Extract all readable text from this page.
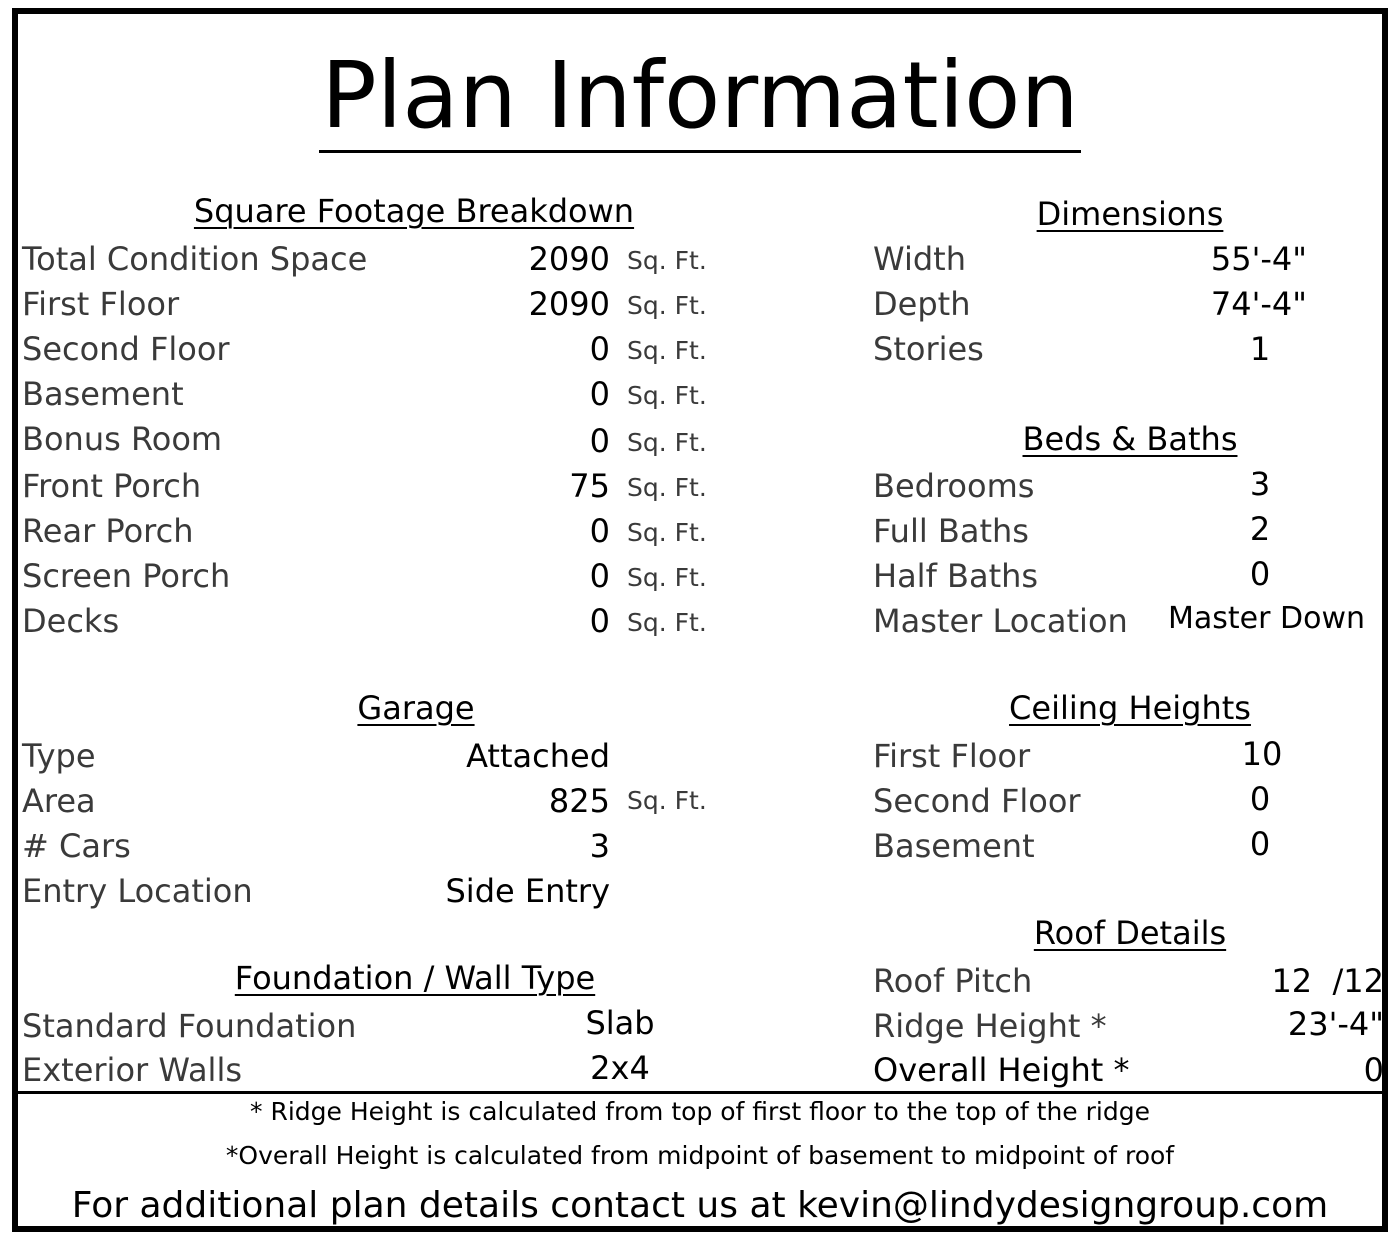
Plan Information
Square Footage Breakdown
Total Condition Space	2090 Sq. Ft.
First Floor	2090 Sq. Ft.
Second Floor	0 Sq. Ft.
Basement	0 Sq. Ft.
Bonus Room	0 Sq. Ft.
Front Porch	75 Sq. Ft.
Rear Porch	0 Sq. Ft.
Screen Porch	0 Sq. Ft.
Decks	0 Sq. Ft.
Garage
Type	Attached
Area	825 Sq. Ft.
# Cars	3
Entry Location	Side Entry
Foundation / Wall Type
Standard Foundation	Slab
Exterior Walls	2x4
Dimensions
Width	55'-4"
Depth	74'-4"
Stories	1
Beds & Baths
Bedrooms	3
Full Baths	2
Half Baths	0
Master Location	Master Down
Ceiling Heights
First Floor	10
Second Floor	0
Basement	0
Roof Details
Roof Pitch	12  /12
Ridge Height *	23'-4"
Overall Height *	0
* Ridge Height is calculated from top of first floor to the top of the ridge
*Overall Height is calculated from midpoint of basement to midpoint of roof
For additional plan details contact us at kevin@lindydesigngroup.com
